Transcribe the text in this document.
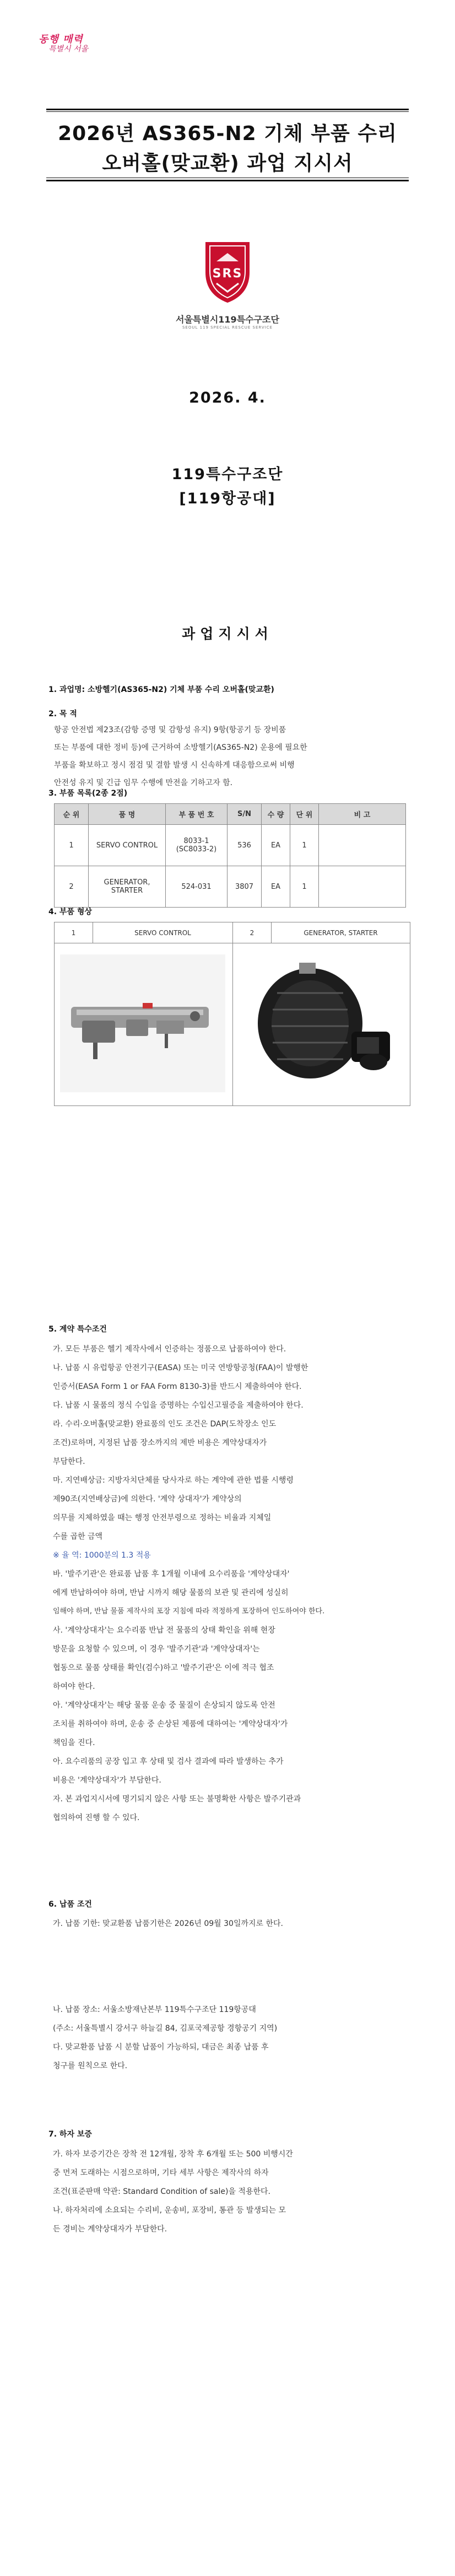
동행 매력
특별시 서울
2026년 AS365-N2 기체 부품 수리
오버홀(맞교환) 과업 지시서
SRS
서울특별시119특수구조단
SEOUL 119 SPECIAL RESCUE SERVICE
2026. 4.
119특수구조단
[119항공대]
과업지시서
1. 과업명: 소방헬기(AS365-N2) 기체 부품 수리 오버홀(맞교환)
2. 목 적
항공 안전법 제23조(감항 증명 및 감항성 유지) 9항(항공기 등 장비품
또는 부품에 대한 정비 등)에 근거하여 소방헬기(AS365-N2) 운용에 필요한
부품을 확보하고 정시 점검 및 결함 발생 시 신속하게 대응함으로써 비행
안전성 유지 및 긴급 임무 수행에 만전을 기하고자 함.
3. 부품 목록(2종 2점)
순 위	품 명	부 품 번 호	S/N	수 량	단 위	비 고
1	SERVO CONTROL	8033-1 (SC8033-2)	536	EA	1	
2	GENERATOR, STARTER	524-031	3807	EA	1	
4. 부품 형상
1	SERVO CONTROL	2	GENERATOR, STARTER

5. 계약 특수조건
가. 모든 부품은 헬기 제작사에서 인증하는 정품으로 납품하여야 한다.
나. 납품 시 유럽항공 안전기구(EASA) 또는 미국 연방항공청(FAA)이 발행한
인증서(EASA Form 1 or FAA Form 8130-3)를 반드시 제출하여야 한다.
다. 납품 시 물품의 정식 수입을 증명하는 수입신고필증을 제출하여야 한다.
라. 수리·오버홀(맞교환) 완료품의 인도 조건은 DAP(도착장소 인도
조건)로하며, 지정된 납품 장소까지의 제반 비용은 계약상대자가
부담한다.
마. 지연배상금: 지방자치단체를 당사자로 하는 계약에 관한 법률 시행령
제90조(지연배상금)에 의한다. '계약 상대자'가 계약상의
의무를 지체하였을 때는 행정 안전부령으로 정하는 비율과 지체일
수를 곱한 금액
※ 율 역: 1000분의 1.3 적용
바. '발주기관'은 완료품 납품 후 1개월 이내에 요수리품을 '계약상대자'
에게 반납하여야 하며, 반납 시까지 해당 물품의 보관 및 관리에 성실히
임해야 하며, 반납 물품 제작사의 포장 지침에 따라 적정하게 포장하여 인도하여야 한다.
사. '계약상대자'는 요수리품 반납 전 물품의 상태 확인을 위해 현장
방문을 요청할 수 있으며, 이 경우 '발주기관'과 '계약상대자'는
협동으로 물품 상태를 확인(검수)하고 '발주기관'은 이에 적극 협조
하여야 한다.
아. '계약상대자'는 해당 물품 운송 중 물질이 손상되지 않도록 안전
조치를 취하여야 하며, 운송 중 손상된 제품에 대하여는 '계약상대자'가
책임을 진다.
아. 요수리품의 공장 입고 후 상태 및 검사 결과에 따라 발생하는 추가
비용은 '계약상대자'가 부담한다.
자. 본 과업지시서에 명기되지 않은 사항 또는 불명확한 사항은 발주기관과
협의하여 진행 할 수 있다.
6. 납품 조건
가. 납품 기한: 맞교환품 납품기한은 2026년 09월 30일까지로 한다.
나. 납품 장소: 서울소방재난본부 119특수구조단 119항공대
(주소: 서울특별시 강서구 하늘길 84, 김포국제공항 경항공기 지역)
다. 맞교환품 납품 시 분할 납품이 가능하되, 대금은 최종 납품 후
청구를 원칙으로 한다.
7. 하자 보증
가. 하자 보증기간은 장착 전 12개월, 장착 후 6개월 또는 500 비행시간
중 먼저 도래하는 시점으로하며, 기타 세부 사항은 제작사의 하자
조건(표준판매 약관: Standard Condition of sale)을 적용한다.
나. 하자처리에 소요되는 수리비, 운송비, 포장비, 통관 등 발생되는 모
든 경비는 계약상대자가 부담한다.
